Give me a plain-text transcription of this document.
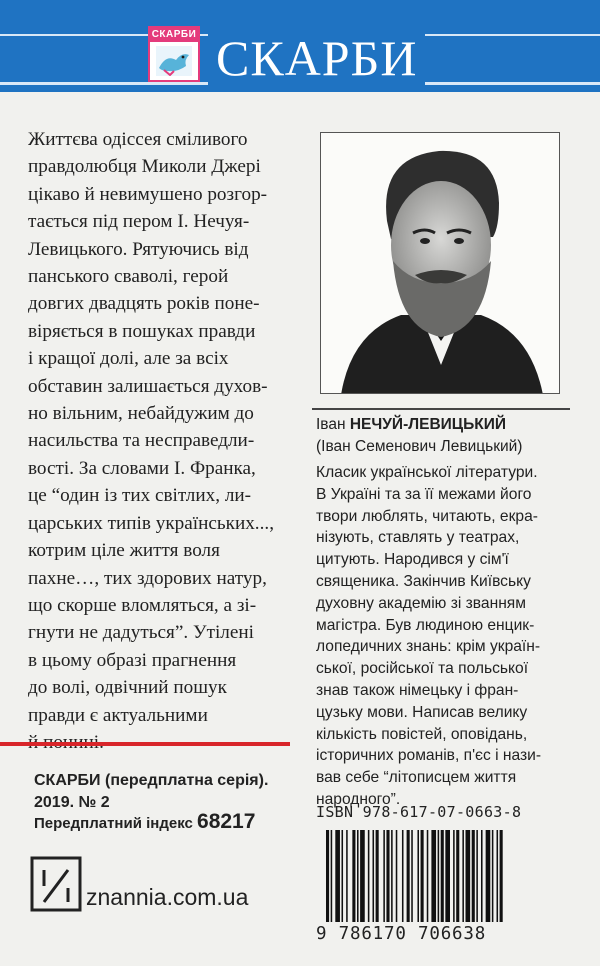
СКАРБИ СКАРБИ
Життєва одіссея сміливого
правдолюбця Миколи Джері
цікаво й невимушено розгор-
тається під пером І. Нечуя-
Левицького. Рятуючись від
панського сваволі, герой
довгих двадцять років поне-
віряється в пошуках правди
і кращої долі, але за всіх
обставин залишається духов-
но вільним, небайдужим до
насильства та несправедли-
вості. За словами І. Франка,
це “один із тих світлих, ли-
царських типів українських...,
котрим ціле життя воля
пахне…, тих здорових натур,
що скорше вломляться, а зі-
гнути не дадуться”. Утілені
в цьому образі прагнення
до волі, одвічний пошук
правди є актуальними
СКАРБИ (передплатна серія).
2019. № 2
Передплатний індекс 68217
znannia.com.ua
Іван НЕЧУЙ-ЛЕВИЦЬКИЙ
(Іван Семенович Левицький)
Класик української літератури.
В Україні та за її межами його
твори люблять, читають, екра-
нізують, ставлять у театрах,
цитують. Народився у сім'ї
священика. Закінчив Київську
духовну академію зі званням
магістра. Був людиною енцик-
лопедичних знань: крім україн-
ської, російської та польської
знав також німецьку і фран-
цузьку мови. Написав велику
кількість повістей, оповідань,
історичних романів, п'єс і нази-
вав себе “літописцем життя
народного”.
ISBN 978-617-07-0663-8
9 786170 706638
